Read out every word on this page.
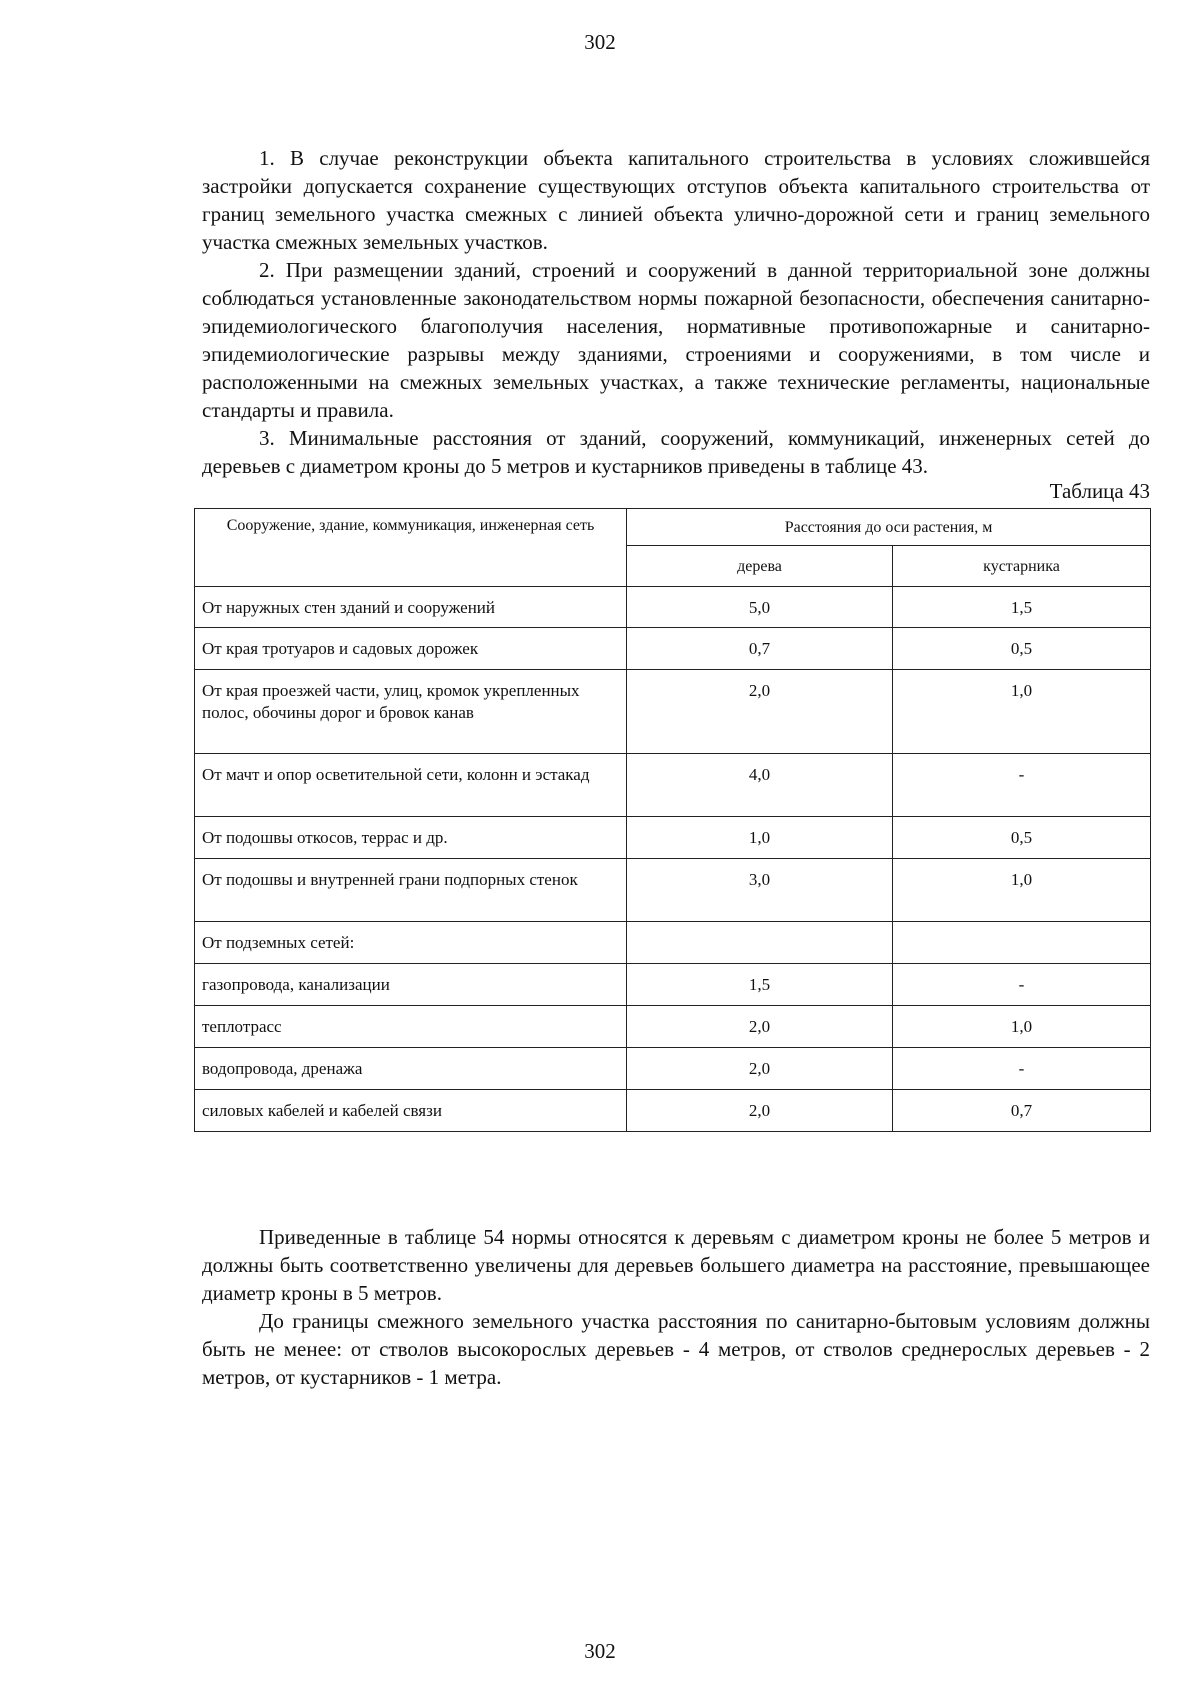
302

1. В случае реконструкции объекта капитального строительства в условиях сложившейся застройки допускается сохранение существующих отступов объекта капитального строительства от границ земельного участка смежных с линией объекта улично-дорожной сети и границ земельного участка смежных земельных участков.

2. При размещении зданий, строений и сооружений в данной территориальной зоне должны соблюдаться установленные законодательством нормы пожарной безопасности, обеспечения санитарно-эпидемиологического благополучия населения, нормативные противопожарные и санитарно-эпидемиологические разрывы между зданиями, строениями и сооружениями, в том числе и расположенными на смежных земельных участках, а также технические регламенты, национальные стандарты и правила.

3. Минимальные расстояния от зданий, сооружений, коммуникаций, инженерных сетей до деревьев с диаметром кроны до 5 метров и кустарников приведены в таблице 43.

Таблица 43
Сооружение, здание, коммуникация, инженерная сеть	Расстояния до оси растения, м	
	дерева	кустарника
От наружных стен зданий и сооружений	5,0	1,5
От края тротуаров и садовых дорожек	0,7	0,5
От края проезжей части, улиц, кромок укрепленных полос, обочины дорог и бровок канав	2,0	1,0
От мачт и опор осветительной сети, колонн и эстакад	4,0	-
От подошвы откосов, террас и др.	1,0	0,5
От подошвы и внутренней грани подпорных стенок	3,0	1,0
От подземных сетей:		
газопровода, канализации	1,5	-
теплотрасс	2,0	1,0
водопровода, дренажа	2,0	-
силовых кабелей и кабелей связи	2,0	0,7

Приведенные в таблице 54 нормы относятся к деревьям с диаметром кроны не более 5 метров и должны быть соответственно увеличены для деревьев большего диаметра на расстояние, превышающее диаметр кроны в 5 метров.

До границы смежного земельного участка расстояния по санитарно-бытовым условиям должны быть не менее: от стволов высокорослых деревьев - 4 метров, от стволов среднерослых деревьев - 2 метров, от кустарников - 1 метра.

302
